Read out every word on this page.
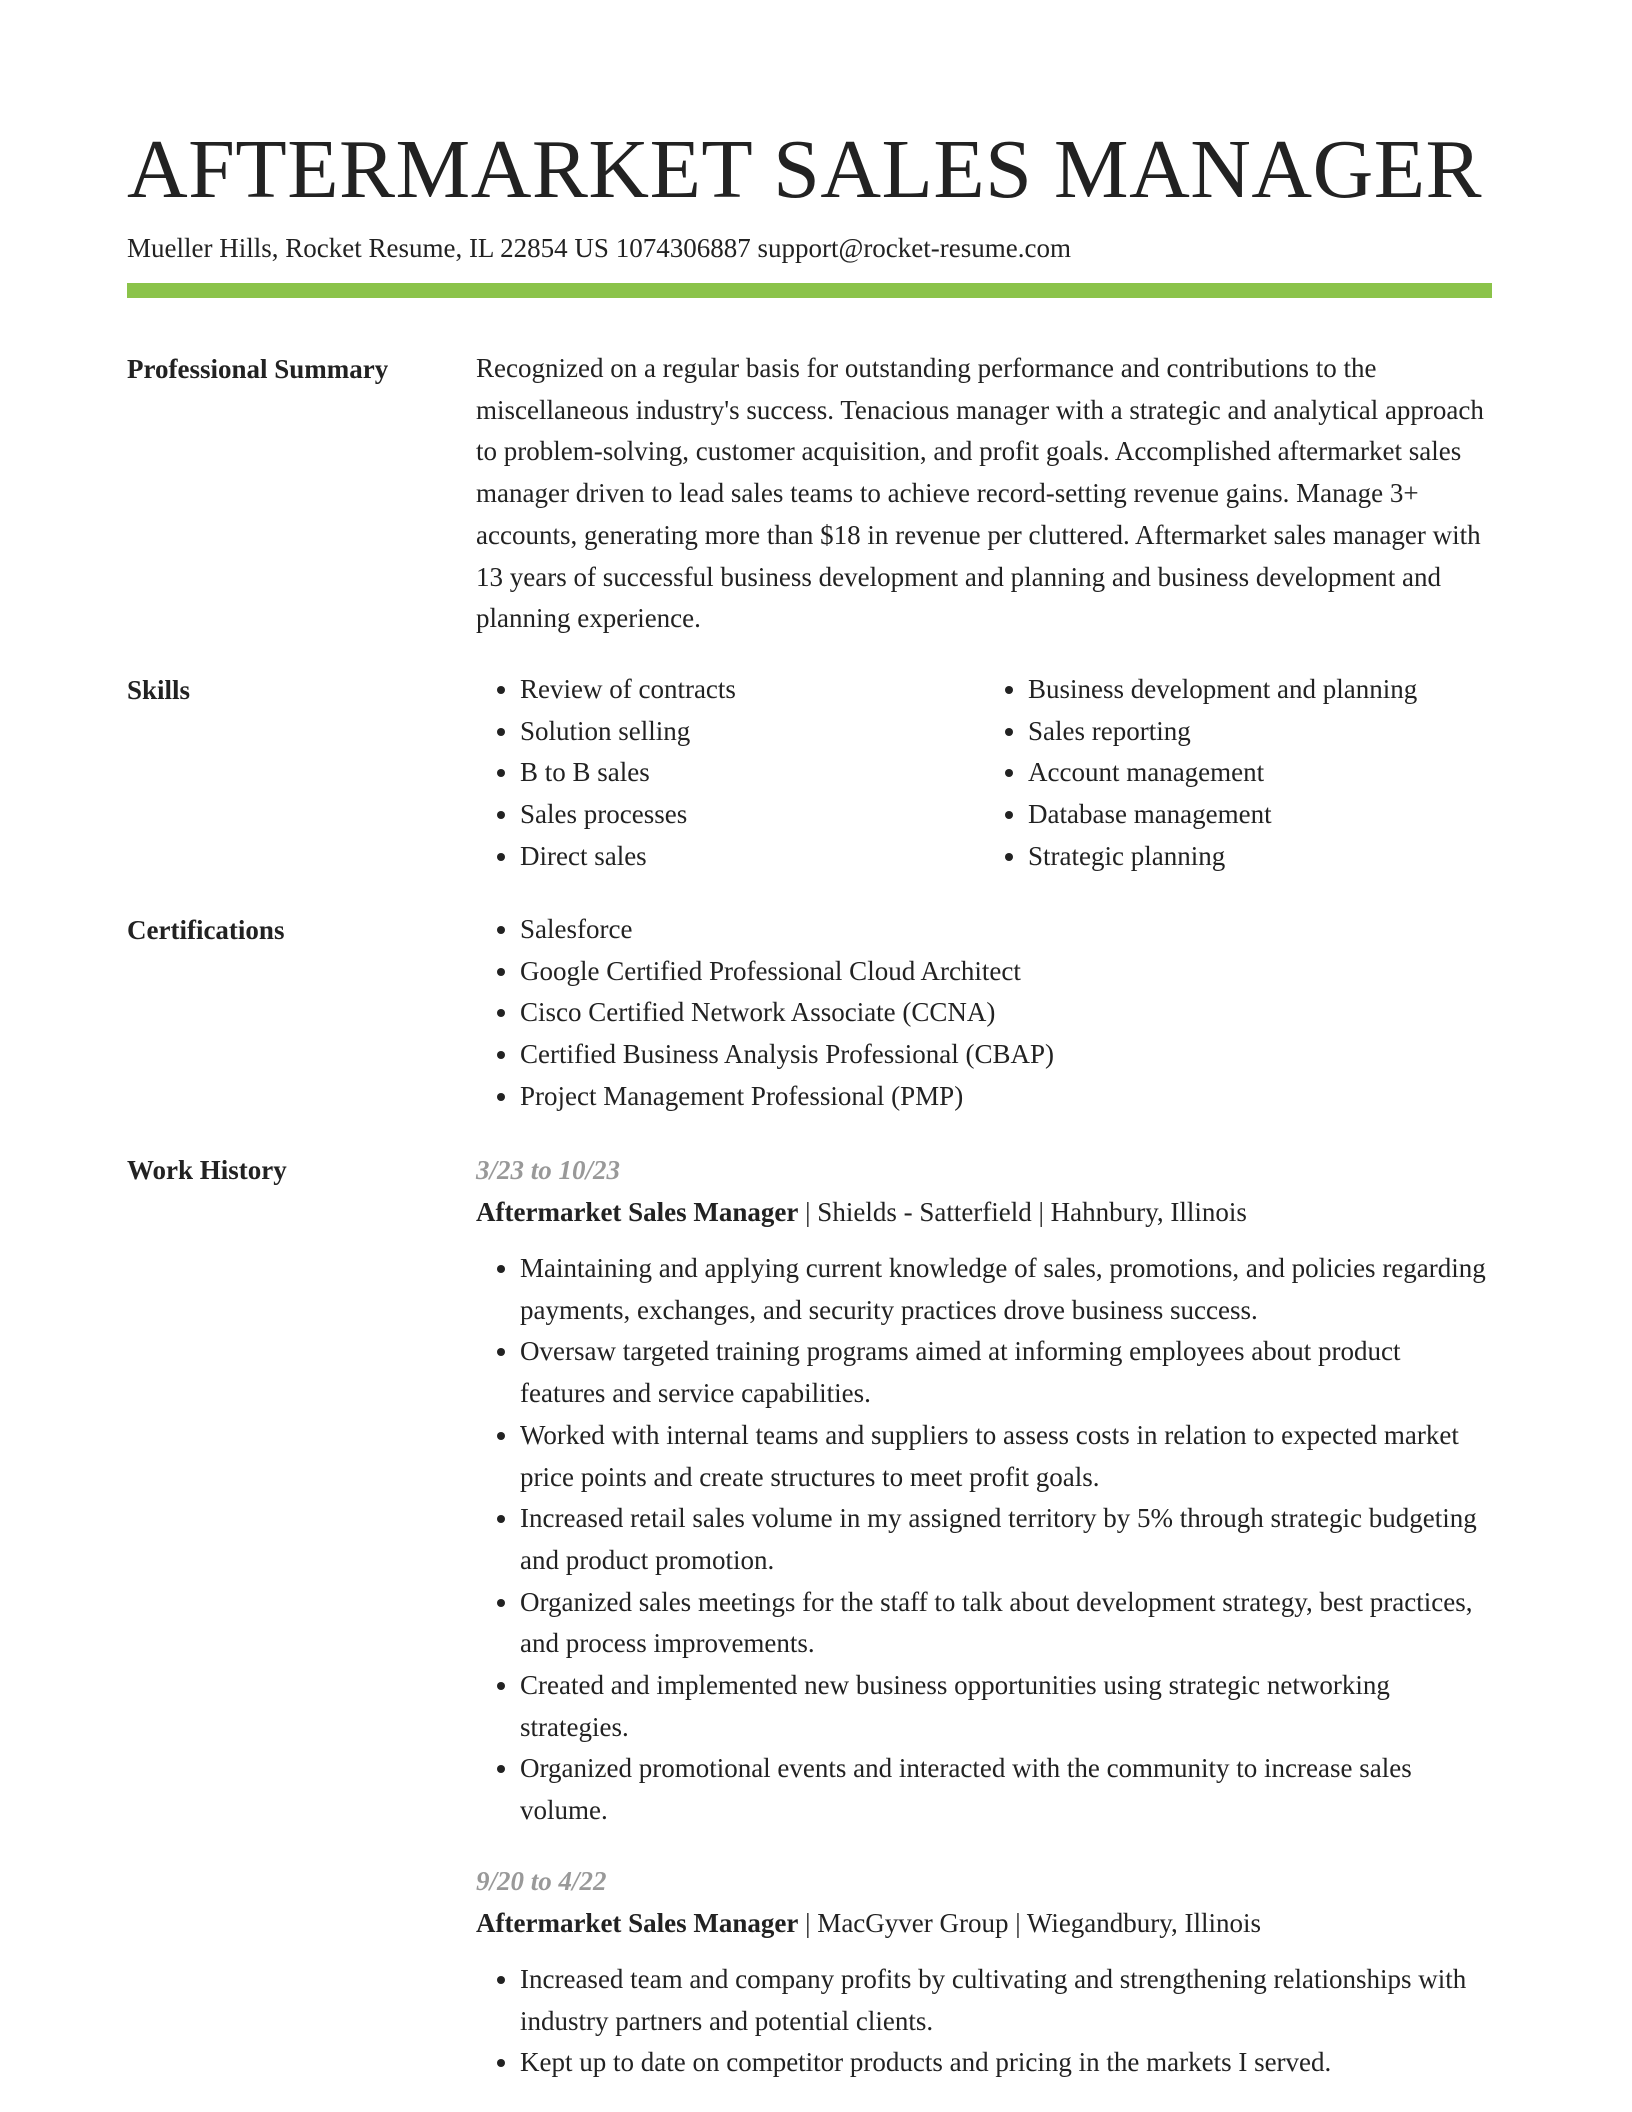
AFTERMARKET SALES MANAGER
Mueller Hills, Rocket Resume, IL 22854 US 1074306887 support@rocket-resume.com
Professional Summary	Recognized on a regular basis for outstanding performance and contributions to the miscellaneous industry's success. Tenacious manager with a strategic and analytical approach to problem-solving, customer acquisition, and profit goals. Accomplished aftermarket sales manager driven to lead sales teams to achieve record-setting revenue gains. Manage 3+ accounts, generating more than $18 in revenue per cluttered. Aftermarket sales manager with 13 years of successful business development and planning and business development and planning experience.

Skills	• Review of contracts
• Solution selling
• B to B sales
• Sales processes
• Direct sales
• Business development and planning
• Sales reporting
• Account management
• Database management
• Strategic planning
Certifications	• Salesforce
• Google Certified Professional Cloud Architect
• Cisco Certified Network Associate (CCNA)
• Certified Business Analysis Professional (CBAP)
• Project Management Professional (PMP)
Work History	3/23 to 10/23
Aftermarket Sales Manager | Shields - Satterfield | Hahnbury, Illinois
• Maintaining and applying current knowledge of sales, promotions, and policies regarding payments, exchanges, and security practices drove business success.
• Oversaw targeted training programs aimed at informing employees about product features and service capabilities.
• Worked with internal teams and suppliers to assess costs in relation to expected market price points and create structures to meet profit goals.
• Increased retail sales volume in my assigned territory by 5% through strategic budgeting and product promotion.
• Organized sales meetings for the staff to talk about development strategy, best practices, and process improvements.
• Created and implemented new business opportunities using strategic networking strategies.
• Organized promotional events and interacted with the community to increase sales volume.
9/20 to 4/22
Aftermarket Sales Manager | MacGyver Group | Wiegandbury, Illinois
• Increased team and company profits by cultivating and strengthening relationships with industry partners and potential clients.
• Kept up to date on competitor products and pricing in the markets I served.
